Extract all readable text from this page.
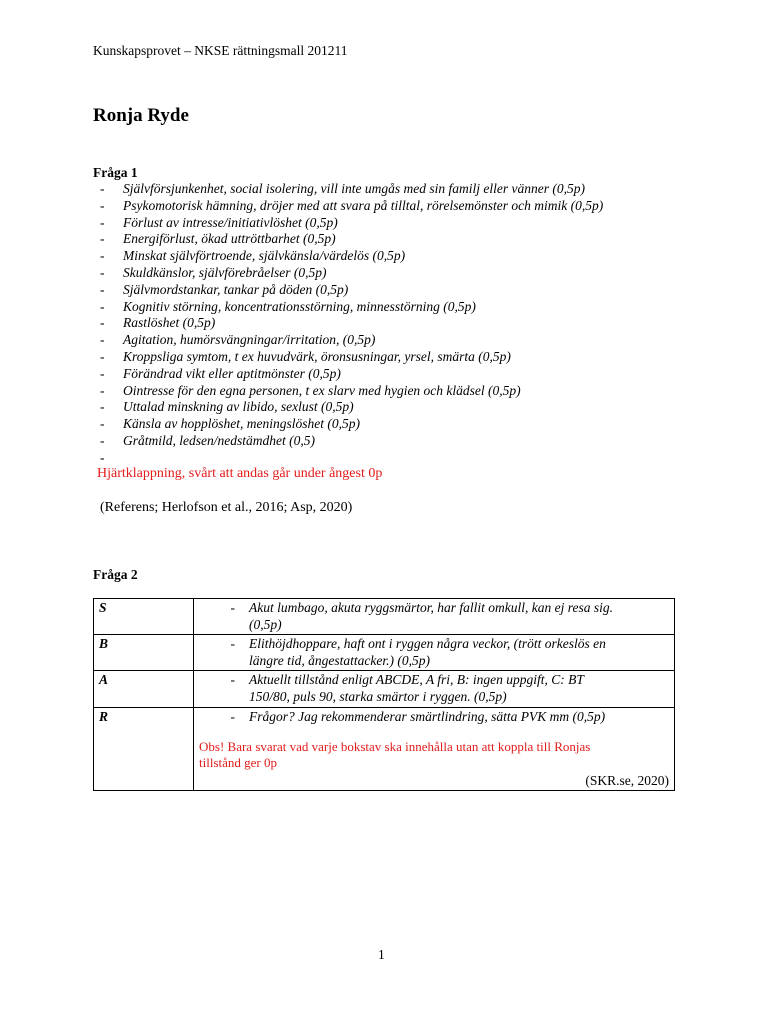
Kunskapsprovet – NKSE rättningsmall 201211
Ronja Ryde
Fråga 1
- Självförsjunkenhet, social isolering, vill inte umgås med sin familj eller vänner (0,5p)
- Psykomotorisk hämning, dröjer med att svara på tilltal, rörelsemönster och mimik (0,5p)
- Förlust av intresse/initiativlöshet (0,5p)
- Energiförlust, ökad uttröttbarhet (0,5p)
- Minskat självförtroende, självkänsla/värdelös (0,5p)
- Skuldkänslor, självförebråelser (0,5p)
- Självmordstankar, tankar på döden (0,5p)
- Kognitiv störning, koncentrationsstörning, minnesstörning (0,5p)
- Rastlöshet (0,5p)
- Agitation, humörsvängningar/irritation, (0,5p)
- Kroppsliga symtom, t ex huvudvärk, öronsusningar, yrsel, smärta (0,5p)
- Förändrad vikt eller aptitmönster (0,5p)
- Ointresse för den egna personen, t ex slarv med hygien och klädsel (0,5p)
- Uttalad minskning av libido, sexlust (0,5p)
- Känsla av hopplöshet, meningslöshet (0,5p)
- Gråtmild, ledsen/nedstämdhet (0,5)
-
Hjärtklappning, svårt att andas går under ångest 0p
(Referens; Herlofson et al., 2016; Asp, 2020)
Fråga 2
S	- Akut lumbago, akuta ryggsmärtor, har fallit omkull, kan ej resa sig.
(0,5p)

B	- Elithöjdhoppare, haft ont i ryggen några veckor, (trött orkeslös en
längre tid, ångestattacker.) (0,5p)

A	- Aktuellt tillstånd enligt ABCDE, A fri, B: ingen uppgift, C: BT
150/80, puls 90, starka smärtor i ryggen. (0,5p)

R	- Frågor? Jag rekommenderar smärtlindring, sätta PVK mm (0,5p)
Obs! Bara svarat vad varje bokstav ska innehålla utan att koppla till Ronjas
tillstånd ger 0p
(SKR.se, 2020)
1
